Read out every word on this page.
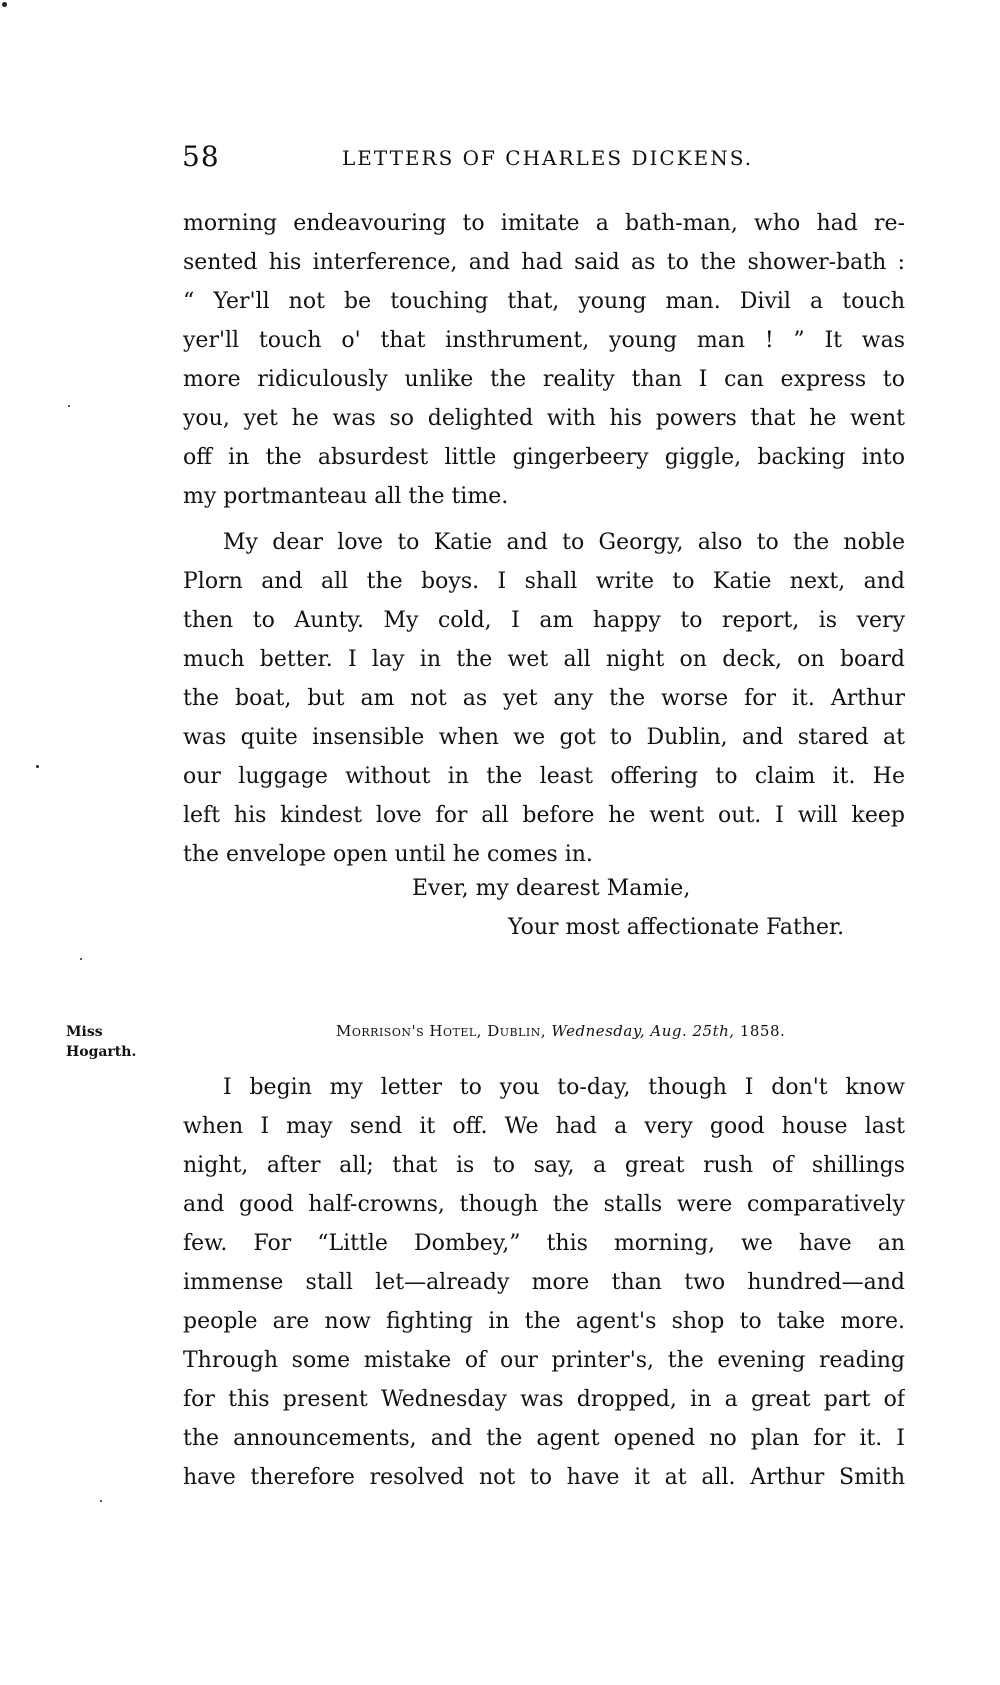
58	LETTERS OF CHARLES DICKENS.
morning endeavouring to imitate a bath-man, who had re-
sented his interference, and had said as to the shower-bath :
“ Yer'll not be touching that, young man. Divil a touch
yer'll touch o' that insthrument, young man ! ” It was
more ridiculously unlike the reality than I can express to
you, yet he was so delighted with his powers that he went
off in the absurdest little gingerbeery giggle, backing into
my portmanteau all the time.
My dear love to Katie and to Georgy, also to the noble
Plorn and all the boys. I shall write to Katie next, and
then to Aunty. My cold, I am happy to report, is very
much better. I lay in the wet all night on deck, on board
the boat, but am not as yet any the worse for it. Arthur
was quite insensible when we got to Dublin, and stared at
our luggage without in the least offering to claim it. He
left his kindest love for all before he went out. I will keep
the envelope open until he comes in.
Ever, my dearest Mamie,
Your most affectionate Father.
Miss
Hogarth.
Morrison's Hotel, Dublin, Wednesday, Aug. 25th, 1858.
I begin my letter to you to-day, though I don't know
when I may send it off. We had a very good house last
night, after all; that is to say, a great rush of shillings
and good half-crowns, though the stalls were comparatively
few. For “Little Dombey,” this morning, we have an
immense stall let—already more than two hundred—and
people are now fighting in the agent's shop to take more.
Through some mistake of our printer's, the evening reading
for this present Wednesday was dropped, in a great part of
the announcements, and the agent opened no plan for it. I
have therefore resolved not to have it at all. Arthur Smith
